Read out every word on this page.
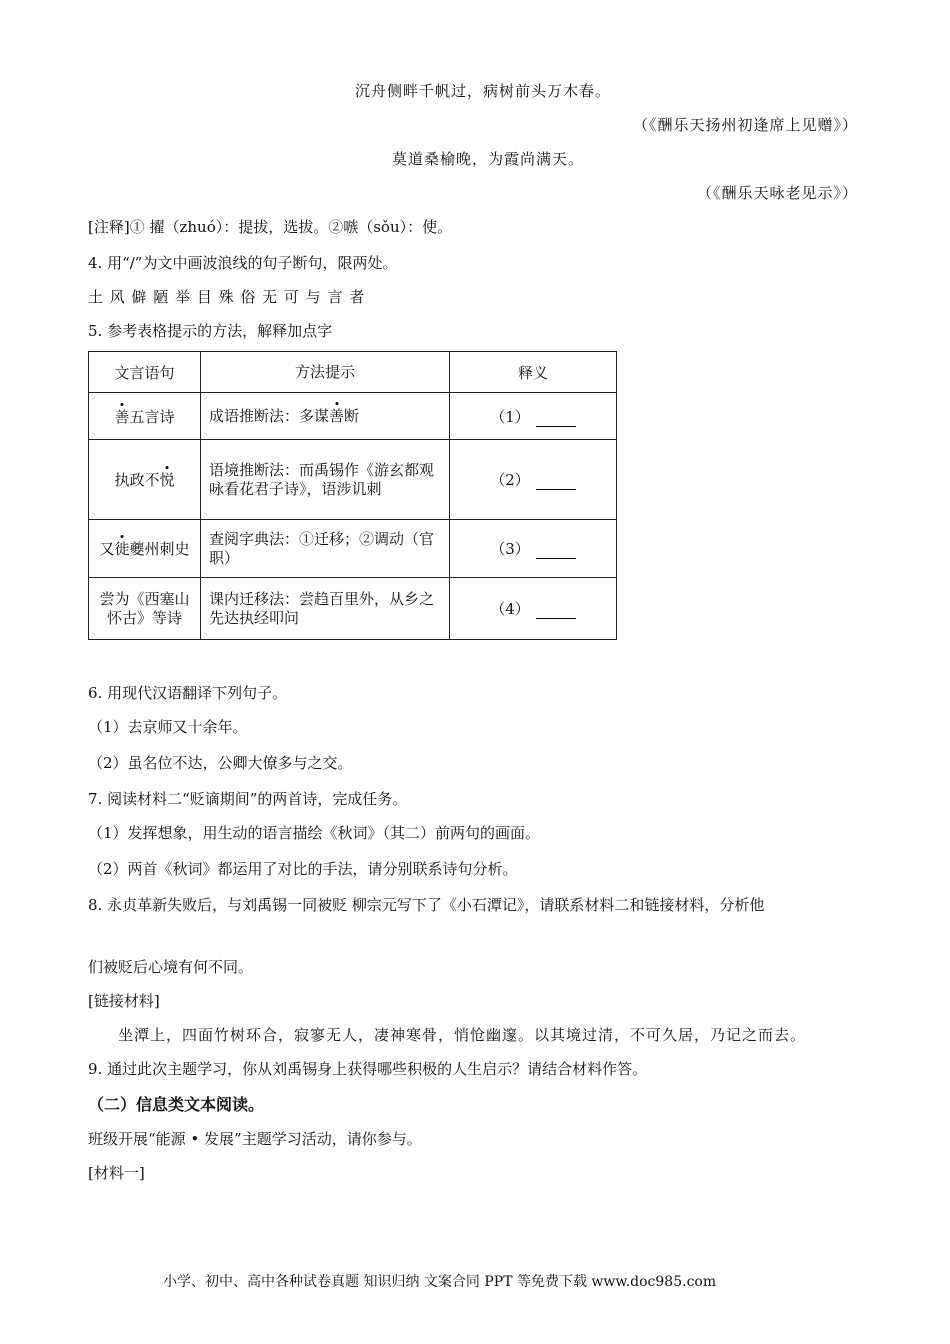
沉舟侧畔千帆过，病树前头万木春。
（《酬乐天扬州初逢席上见赠》）
莫道桑榆晚，为霞尚满天。
（《酬乐天咏老见示》）
[注释]① 擢（zhuó）：提拔，选拔。②嗾（sǒu）：使。
4. 用“/”为文中画波浪线的句子断句，限两处。
土 风 僻 陋 举 目 殊 俗 无 可 与 言 者
5. 参考表格提示的方法，解释加点字
文言语句	方法提示	释义
善五言诗	成语推断法：多谋善断	（1）
执政不悦	语境推断法：而禹锡作《游玄都观咏看花君子诗》，语涉讥刺	（2）
又徙夔州刺史	查阅字典法：①迁移；②调动（官职）	（3）
尝为《西塞山怀古》等诗	课内迁移法：尝趋百里外，从乡之先达执经叩问	（4）
6. 用现代汉语翻译下列句子。
（1）去京师又十余年。
（2）虽名位不达，公卿大僚多与之交。
7. 阅读材料二“贬谪期间”的两首诗，完成任务。
（1）发挥想象，用生动的语言描绘《秋词》（其二）前两句的画面。
（2）两首《秋词》都运用了对比的手法，请分别联系诗句分析。
8. 永贞革新失败后，与刘禹锡一同被贬 柳宗元写下了《小石潭记》，请联系材料二和链接材料，分析他
们被贬后心境有何不同。
[链接材料]
坐潭上，四面竹树环合，寂寥无人，凄神寒骨，悄怆幽邃。以其境过清，不可久居，乃记之而去。
9. 通过此次主题学习，你从刘禹锡身上获得哪些积极的人生启示？请结合材料作答。
（二）信息类文本阅读。
班级开展“能源 • 发展”主题学习活动，请你参与。
[材料一]
小学、初中、高中各种试卷真题 知识归纳 文案合同 PPT 等免费下载 www.doc985.com
